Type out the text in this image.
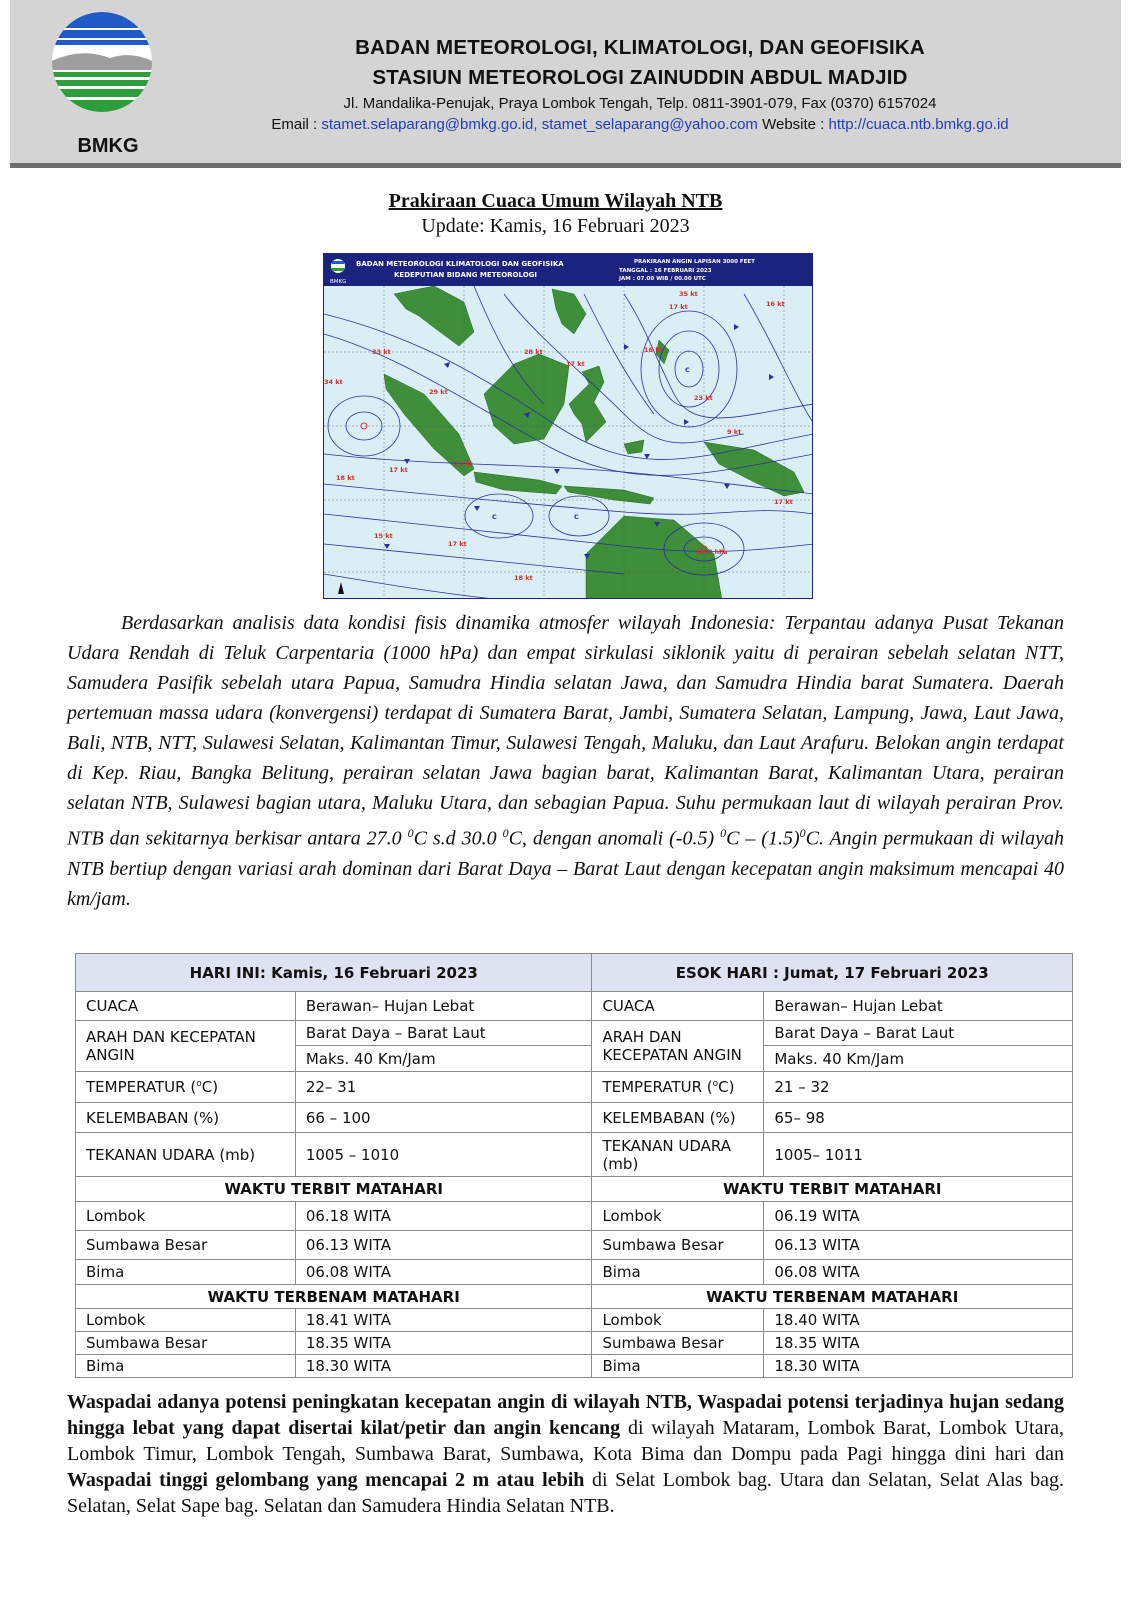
BMKG
BADAN METEOROLOGI, KLIMATOLOGI, DAN GEOFISIKA
STASIUN METEOROLOGI ZAINUDDIN ABDUL MADJID
Jl. Mandalika-Penujak, Praya Lombok Tengah, Telp. 0811-3901-079, Fax (0370) 6157024
Email : stamet.selaparang@bmkg.go.id, stamet_selaparang@yahoo.com Website : http://cuaca.ntb.bmkg.go.id
Prakiraan Cuaca Umum Wilayah NTB
Update: Kamis, 16 Februari 2023
BMKG
BADAN METEOROLOGI KLIMATOLOGI DAN GEOFISIKA
KEDEPUTIAN BIDANG METEOROLOGI
PRAKIRAAN ANGIN LAPISAN 3000 FEET
TANGGAL : 16 FEBRUARI 2023
JAM : 07.00 WIB / 00.00 UTC
35 kt
17 kt	16 kt
33 kt	28 kt
17 kt
16 kt
34 kt
29 kt
23 kt
9 kt
17 kt
20 kt
18 kt
15 kt
17 kt
18 kt
17 kt
1000 hPa
C
C	C

Berdasarkan analisis data kondisi fisis dinamika atmosfer wilayah Indonesia: Terpantau adanya Pusat Tekanan Udara Rendah di Teluk Carpentaria (1000 hPa) dan empat sirkulasi siklonik yaitu di perairan sebelah selatan NTT, Samudera Pasifik sebelah utara Papua, Samudra Hindia selatan Jawa, dan Samudra Hindia barat Sumatera. Daerah pertemuan massa udara (konvergensi) terdapat di Sumatera Barat, Jambi, Sumatera Selatan, Lampung, Jawa, Laut Jawa, Bali, NTB, NTT, Sulawesi Selatan, Kalimantan Timur, Sulawesi Tengah, Maluku, dan Laut Arafuru. Belokan angin terdapat di Kep. Riau, Bangka Belitung, perairan selatan Jawa bagian barat, Kalimantan Barat, Kalimantan Utara, perairan selatan NTB, Sulawesi bagian utara, Maluku Utara, dan sebagian Papua. Suhu permukaan laut di wilayah perairan Prov. NTB dan sekitarnya berkisar antara 27.0 $^0$C s.d 30.0 $^0$C, dengan anomali (-0.5) $^0C - (1.5)^0C$. Angin permukaan di wilayah NTB bertiup dengan variasi arah dominan dari Barat Daya – Barat Laut dengan kecepatan angin maksimum mencapai 40 km/jam.

HARI INI: Kamis, 16 Februari 2023		ESOK HARI : Jumat, 17 Februari 2023	
CUACA	Berawan– Hujan Lebat	CUACA	Berawan– Hujan Lebat
ARAH DAN KECEPATAN ANGIN	Barat Daya – Barat Laut	ARAH DAN KECEPATAN ANGIN	Barat Daya – Barat Laut
	Maks. 40 Km/Jam		Maks. 40 Km/Jam
TEMPERATUR ($^o$C)	22– 31	TEMPERATUR ($^o$C)	21 – 32
KELEMBABAN (%)	66 – 100	KELEMBABAN (%)	65– 98
TEKANAN UDARA (mb)	1005 – 1010	TEKANAN UDARA (mb)	1005– 1011
WAKTU TERBIT MATAHARI		WAKTU TERBIT MATAHARI	
Lombok	06.18 WITA	Lombok	06.19 WITA
Sumbawa Besar	06.13 WITA	Sumbawa Besar	06.13 WITA
Bima	06.08 WITA	Bima	06.08 WITA
WAKTU TERBENAM MATAHARI		WAKTU TERBENAM MATAHARI	
Lombok	18.41 WITA	Lombok	18.40 WITA
Sumbawa Besar	18.35 WITA	Sumbawa Besar	18.35 WITA
Bima	18.30 WITA	Bima	18.30 WITA

Waspadai adanya potensi peningkatan kecepatan angin di wilayah NTB, Waspadai potensi terjadinya hujan sedang hingga lebat yang dapat disertai kilat/petir dan angin kencang di wilayah Mataram, Lombok Barat, Lombok Utara, Lombok Timur, Lombok Tengah, Sumbawa Barat, Sumbawa, Kota Bima dan Dompu pada Pagi hingga dini hari dan Waspadai tinggi gelombang yang mencapai 2 m atau lebih di Selat Lombok bag. Utara dan Selatan, Selat Alas bag. Selatan, Selat Sape bag. Selatan dan Samudera Hindia Selatan NTB.
